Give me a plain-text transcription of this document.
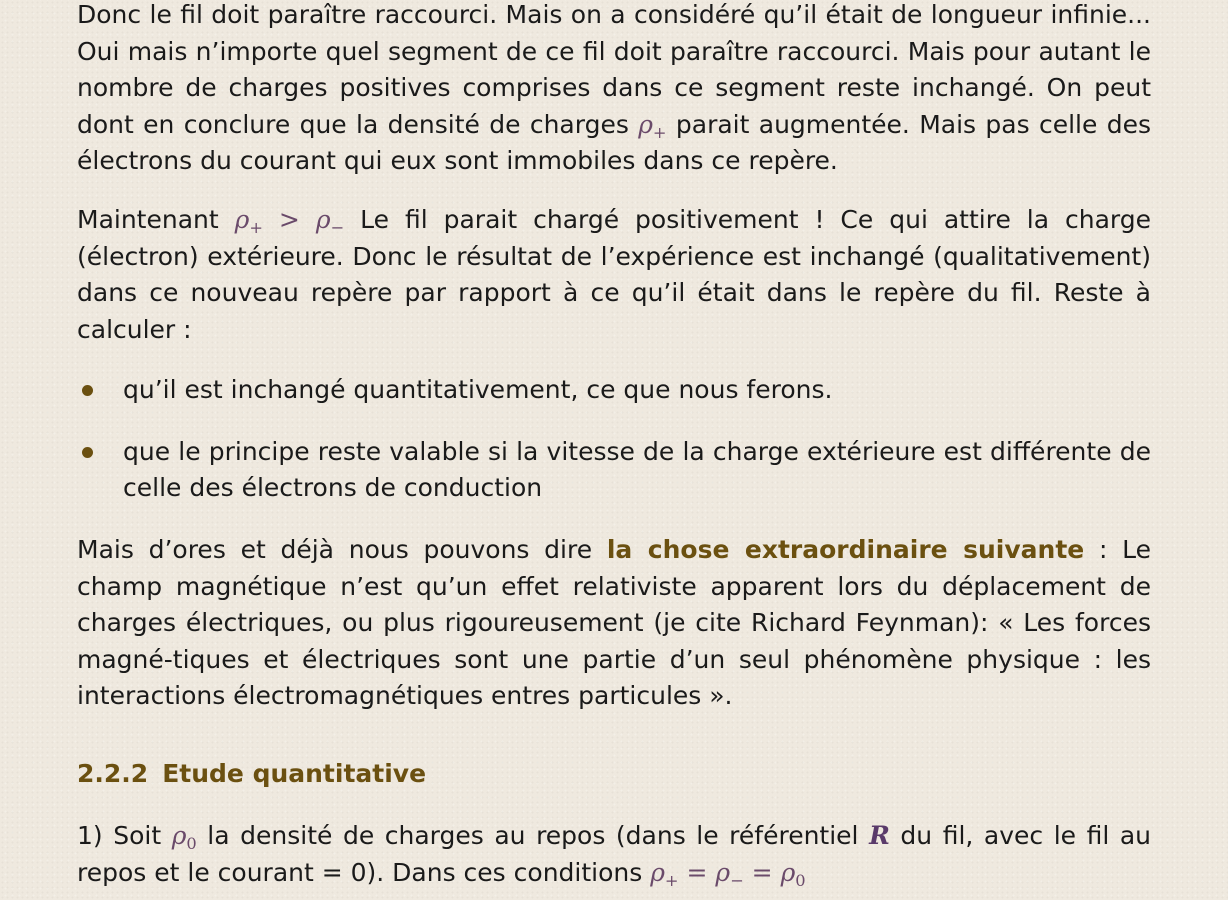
Donc le fil doit paraître raccourci. Mais on a considéré qu’il était de longueur infinie... Oui mais n’importe quel segment de ce fil doit paraître raccourci. Mais pour autant le nombre de charges positives comprises dans ce segment reste inchangé. On peut dont en conclure que la densité de charges $\rho_+$ parait augmentée. Mais pas celle des électrons du courant qui eux sont immobiles dans ce repère.

Maintenant $\rho_+ > \rho_-$ Le fil parait chargé positivement ! Ce qui attire la charge (électron) extérieure. Donc le résultat de l’expérience est inchangé (qualitativement) dans ce nouveau repère par rapport à ce qu’il était dans le repère du fil. Reste à calculer :

qu’il est inchangé quantitativement, ce que nous ferons.
que le principe reste valable si la vitesse de la charge extérieure est différente de celle des électrons de conduction

Mais d’ores et déjà nous pouvons dire la chose extraordinaire suivante : Le champ magnétique n’est qu’un effet relativiste apparent lors du déplacement de charges électriques, ou plus rigoureusement (je cite Richard Feynman): « Les forces magné-tiques et électriques sont une partie d’un seul phénomène physique : les interactions électromagnétiques entres particules ».

2.2.2 Etude quantitative

1) Soit $\rho_0$ la densité de charges au repos (dans le référentiel R du fil, avec le fil au repos et le courant = 0). Dans ces conditions $\rho_+ = \rho_- = \rho_0$
